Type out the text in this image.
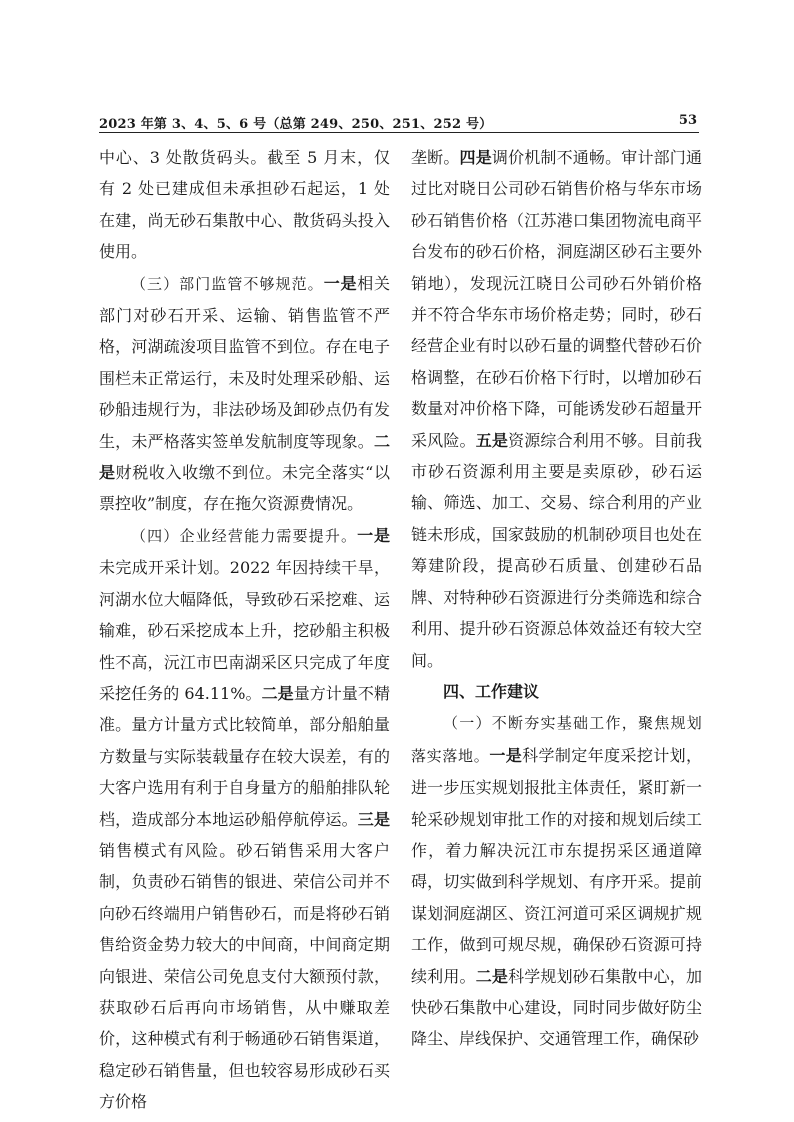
2023 年第 3、4、5、6 号（总第 249、250、251、252 号）	53

中心、3 处散货码头。截至 5 月末，仅有 2 处已建成但未承担砂石起运，1 处在建，尚无砂石集散中心、散货码头投入使用。

（三）部门监管不够规范。一是相关部门对砂石开采、运输、销售监管不严格，河湖疏浚项目监管不到位。存在电子围栏未正常运行，未及时处理采砂船、运砂船违规行为，非法砂场及卸砂点仍有发生，未严格落实签单发航制度等现象。二是财税收入收缴不到位。未完全落实“以票控收”制度，存在拖欠资源费情况。

（四）企业经营能力需要提升。一是未完成开采计划。2022 年因持续干旱，河湖水位大幅降低，导致砂石采挖难、运输难，砂石采挖成本上升，挖砂船主积极性不高，沅江市巴南湖采区只完成了年度采挖任务的 64.11%。二是量方计量不精准。量方计量方式比较简单，部分船舶量方数量与实际装载量存在较大误差，有的大客户选用有利于自身量方的船舶排队轮档，造成部分本地运砂船停航停运。三是销售模式有风险。砂石销售采用大客户制，负责砂石销售的银进、荣信公司并不向砂石终端用户销售砂石，而是将砂石销售给资金势力较大的中间商，中间商定期向银进、荣信公司免息支付大额预付款，获取砂石后再向市场销售，从中赚取差价，这种模式有利于畅通砂石销售渠道，稳定砂石销售量，但也较容易形成砂石买方价格

垄断。四是调价机制不通畅。审计部门通过比对晓日公司砂石销售价格与华东市场砂石销售价格（江苏港口集团物流电商平台发布的砂石价格，洞庭湖区砂石主要外销地），发现沅江晓日公司砂石外销价格并不符合华东市场价格走势；同时，砂石经营企业有时以砂石量的调整代替砂石价格调整，在砂石价格下行时，以增加砂石数量对冲价格下降，可能诱发砂石超量开采风险。五是资源综合利用不够。目前我市砂石资源利用主要是卖原砂，砂石运输、筛选、加工、交易、综合利用的产业链未形成，国家鼓励的机制砂项目也处在筹建阶段，提高砂石质量、创建砂石品牌、对特种砂石资源进行分类筛选和综合利用、提升砂石资源总体效益还有较大空间。

四、工作建议

（一）不断夯实基础工作，聚焦规划落实落地。一是科学制定年度采挖计划，进一步压实规划报批主体责任，紧盯新一轮采砂规划审批工作的对接和规划后续工作，着力解决沅江市东提拐采区通道障碍，切实做到科学规划、有序开采。提前谋划洞庭湖区、资江河道可采区调规扩规工作，做到可规尽规，确保砂石资源可持续利用。二是科学规划砂石集散中心，加快砂石集散中心建设，同时同步做好防尘降尘、岸线保护、交通管理工作，确保砂
